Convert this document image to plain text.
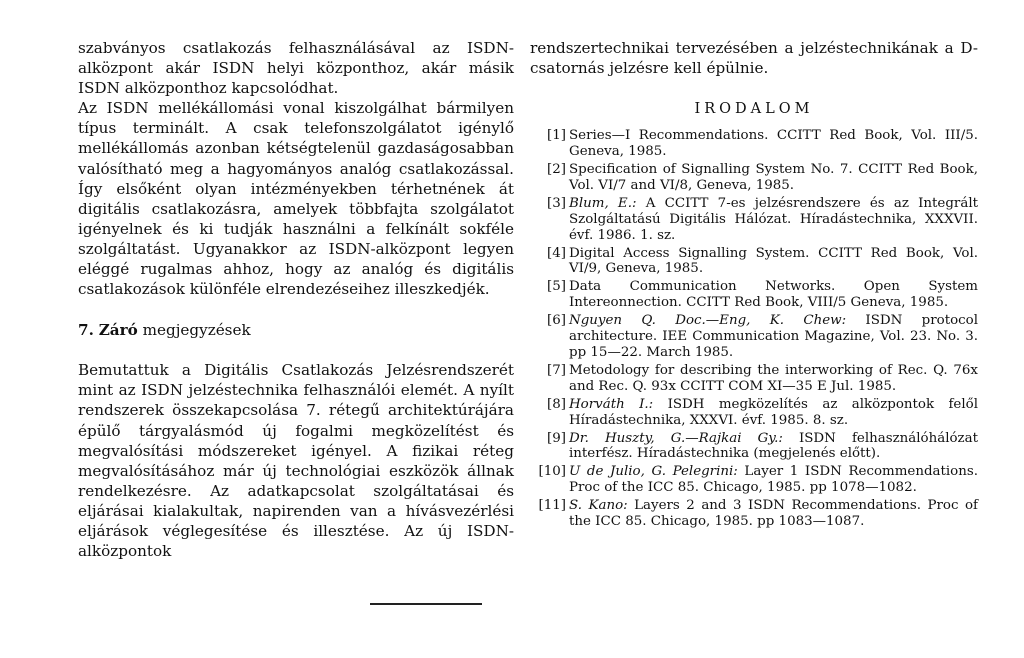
szabványos csatlakozás felhasználásával az ISDN-alközpont akár ISDN helyi központhoz, akár másik ISDN alközponthoz kapcsolódhat.

Az ISDN mellékállomási vonal kiszolgálhat bármilyen típus terminált. A csak telefonszolgálatot igénylő mellékállomás azonban kétségtelenül gazdaságosabban valósítható meg a hagyományos analóg csatlakozással. Így elsőként olyan intézményekben térhetnének át digitális csatlakozásra, amelyek többfajta szolgálatot igényelnek és ki tudják használni a felkínált sokféle szolgáltatást. Ugyanakkor az ISDN-alközpont legyen eléggé rugalmas ahhoz, hogy az analóg és digitális csatlakozások különféle elrendezéseihez illeszkedjék.

7. Záró megjegyzések

Bemutattuk a Digitális Csatlakozás Jelzésrendszerét mint az ISDN jelzéstechnika felhasználói elemét. A nyílt rendszerek összekapcsolása 7. rétegű architektúrájára épülő tárgyalásmód új fogalmi megközelítést és megvalósítási módszereket igényel. A fizikai réteg megvalósításához már új technológiai eszközök állnak rendelkezésre. Az adatkapcsolat szolgáltatásai és eljárásai kialakultak, napirenden van a hívásvezérlési eljárások véglegesítése és illesztése. Az új ISDN-alközpontok

rendszertechnikai tervezésében a jelzéstechnikának a D-csatornás jelzésre kell épülnie.

IRODALOM
[1] Series—I Recommendations. CCITT Red Book, Vol. III/5. Geneva, 1985.
[2] Specification of Signalling System No. 7. CCITT Red Book, Vol. VI/7 and VI/8, Geneva, 1985.
[3] Blum, E.: A CCITT 7-es jelzésrendszere és az Integrált Szolgáltatású Digitális Hálózat. Híradástechnika, XXXVII. évf. 1986. 1. sz.
[4] Digital Access Signalling System. CCITT Red Book, Vol. VI/9, Geneva, 1985.
[5] Data Communication Networks. Open System Intereonnection. CCITT Red Book, VIII/5 Geneva, 1985.
[6] Nguyen Q. Doc.—Eng, K. Chew: ISDN protocol architecture. IEE Communication Magazine, Vol. 23. No. 3. pp 15—22. March 1985.
[7] Metodology for describing the interworking of Rec. Q. 76x and Rec. Q. 93x CCITT COM XI—35 E Jul. 1985.
[8] Horváth I.: ISDH megközelítés az alközpontok felől Híradástechnika, XXXVI. évf. 1985. 8. sz.
[9] Dr. Huszty, G.—Rajkai Gy.: ISDN felhasználóhálózat interfész. Híradástechnika (megjelenés előtt).
[10] U de Julio, G. Pelegrini: Layer 1 ISDN Recommendations. Proc of the ICC 85. Chicago, 1985. pp 1078—1082.
[11] S. Kano: Layers 2 and 3 ISDN Recommendations. Proc of the ICC 85. Chicago, 1985. pp 1083—1087.
